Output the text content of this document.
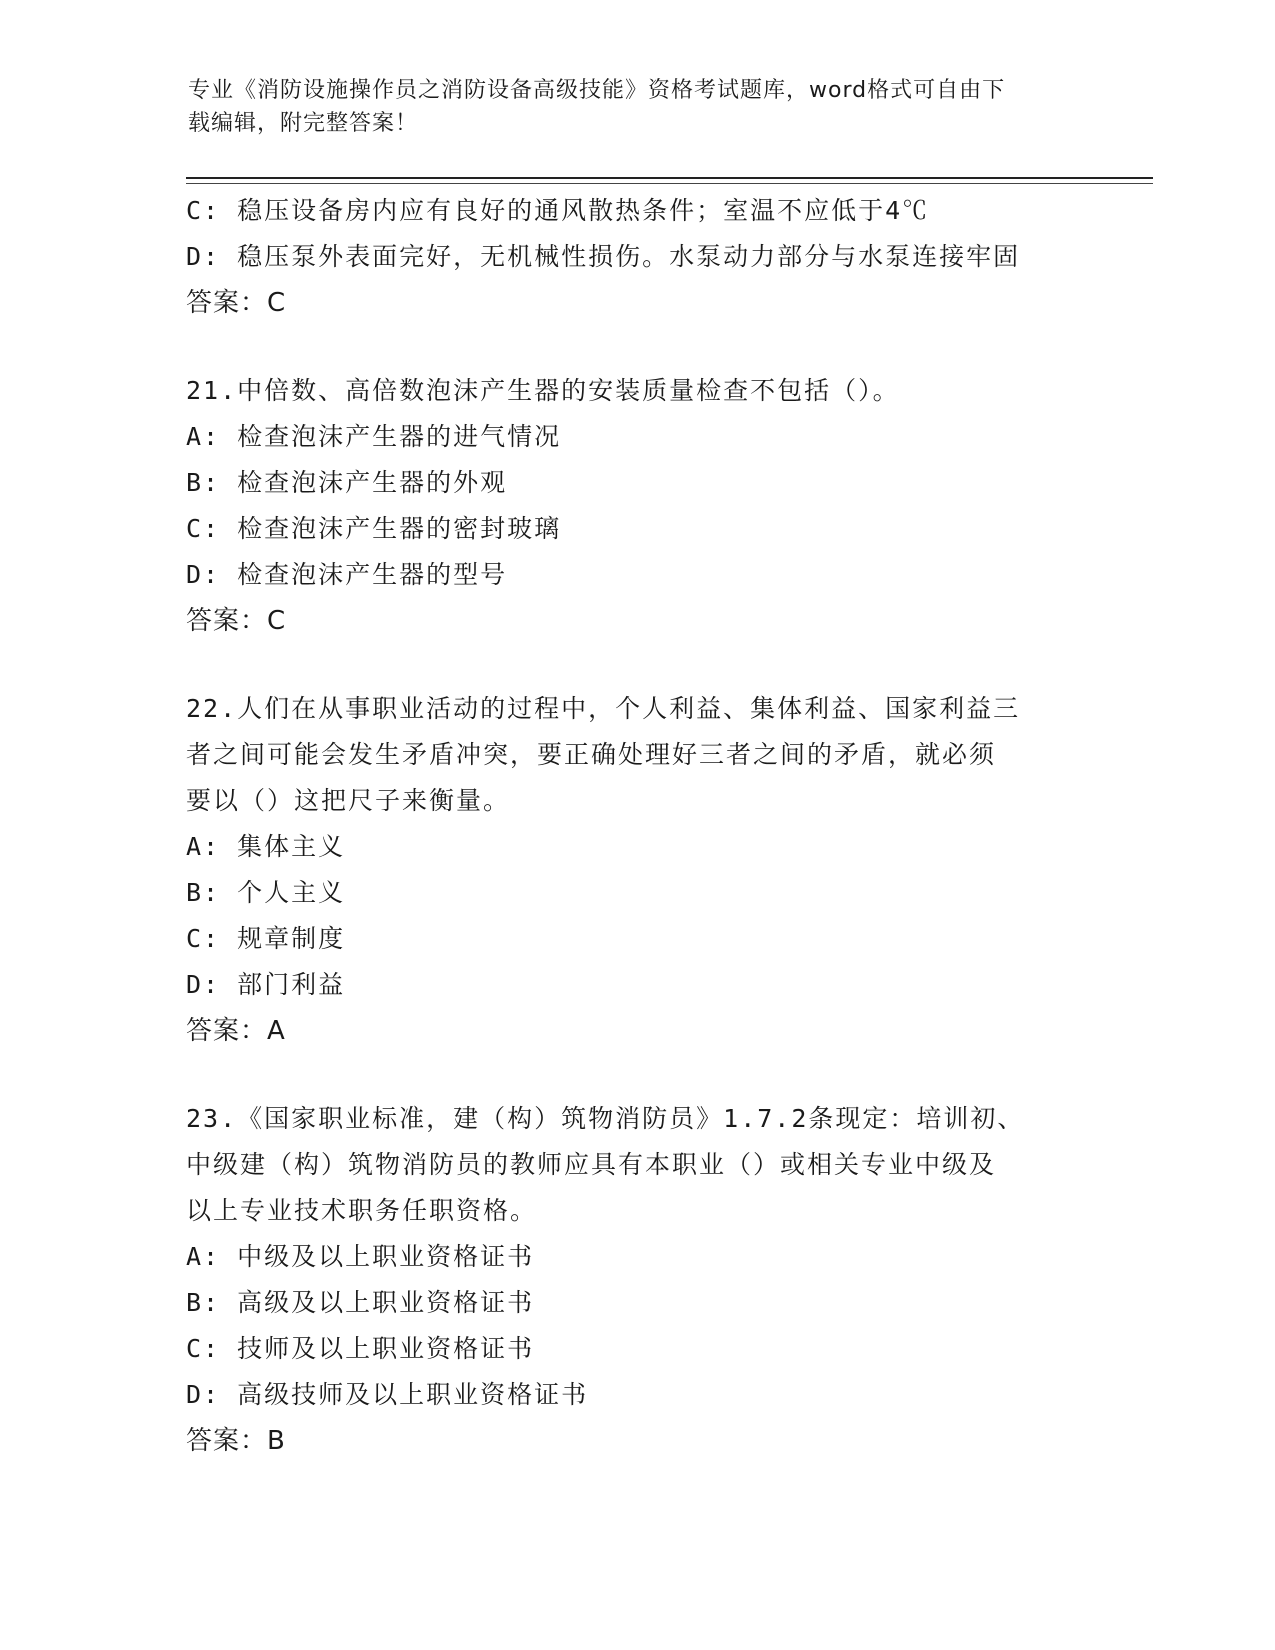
专业《消防设施操作员之消防设备高级技能》资格考试题库，word格式可自由下
载编辑，附完整答案！
C: 稳压设备房内应有良好的通风散热条件；室温不应低于4℃
D: 稳压泵外表面完好，无机械性损伤。水泵动力部分与水泵连接牢固
答案：C
21.中倍数、高倍数泡沫产生器的安装质量检查不包括（）。
A: 检查泡沫产生器的进气情况
B: 检查泡沫产生器的外观
C: 检查泡沫产生器的密封玻璃
D: 检查泡沫产生器的型号
答案：C
22.人们在从事职业活动的过程中，个人利益、集体利益、国家利益三
者之间可能会发生矛盾冲突，要正确处理好三者之间的矛盾，就必须
要以（）这把尺子来衡量。
A: 集体主义
B: 个人主义
C: 规章制度
D: 部门利益
答案：A
23.《国家职业标准，建（构）筑物消防员》1.7.2条现定：培训初、
中级建（构）筑物消防员的教师应具有本职业（）或相关专业中级及
以上专业技术职务任职资格。
A: 中级及以上职业资格证书
B: 高级及以上职业资格证书
C: 技师及以上职业资格证书
D: 高级技师及以上职业资格证书
答案：B
